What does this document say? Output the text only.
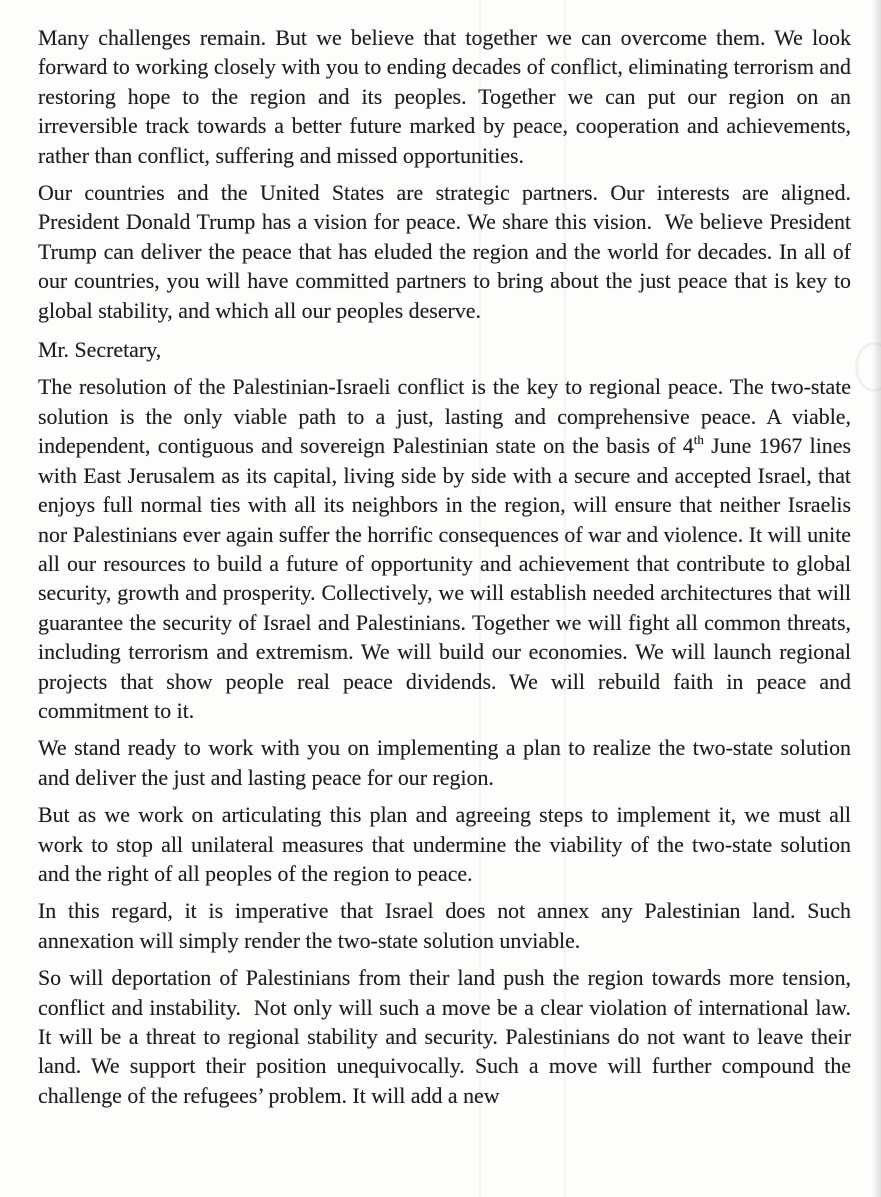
Many challenges remain. But we believe that together we can overcome them. We look forward to working closely with you to ending decades of conflict, eliminating terrorism and restoring hope to the region and its peoples. Together we can put our region on an irreversible track towards a better future marked by peace, cooperation and achievements, rather than conflict, suffering and missed opportunities.

Our countries and the United States are strategic partners. Our interests are aligned. President Donald Trump has a vision for peace. We share this vision.  We believe President Trump can deliver the peace that has eluded the region and the world for decades. In all of our countries, you will have committed partners to bring about the just peace that is key to global stability, and which all our peoples deserve.

Mr. Secretary,

The resolution of the Palestinian-Israeli conflict is the key to regional peace. The two-state solution is the only viable path to a just, lasting and comprehensive peace. A viable, independent, contiguous and sovereign Palestinian state on the basis of 4th June 1967 lines with East Jerusalem as its capital, living side by side with a secure and accepted Israel, that enjoys full normal ties with all its neighbors in the region, will ensure that neither Israelis nor Palestinians ever again suffer the horrific consequences of war and violence. It will unite all our resources to build a future of opportunity and achievement that contribute to global security, growth and prosperity. Collectively, we will establish needed architectures that will guarantee the security of Israel and Palestinians. Together we will fight all common threats, including terrorism and extremism. We will build our economies. We will launch regional projects that show people real peace dividends. We will rebuild faith in peace and commitment to it.

We stand ready to work with you on implementing a plan to realize the two-state solution and deliver the just and lasting peace for our region.

But as we work on articulating this plan and agreeing steps to implement it, we must all work to stop all unilateral measures that undermine the viability of the two-state solution and the right of all peoples of the region to peace.

In this regard, it is imperative that Israel does not annex any Palestinian land. Such annexation will simply render the two-state solution unviable.

So will deportation of Palestinians from their land push the region towards more tension, conflict and instability.  Not only will such a move be a clear violation of international law. It will be a threat to regional stability and security. Palestinians do not want to leave their land. We support their position unequivocally. Such a move will further compound the challenge of the refugees’ problem. It will add a new
